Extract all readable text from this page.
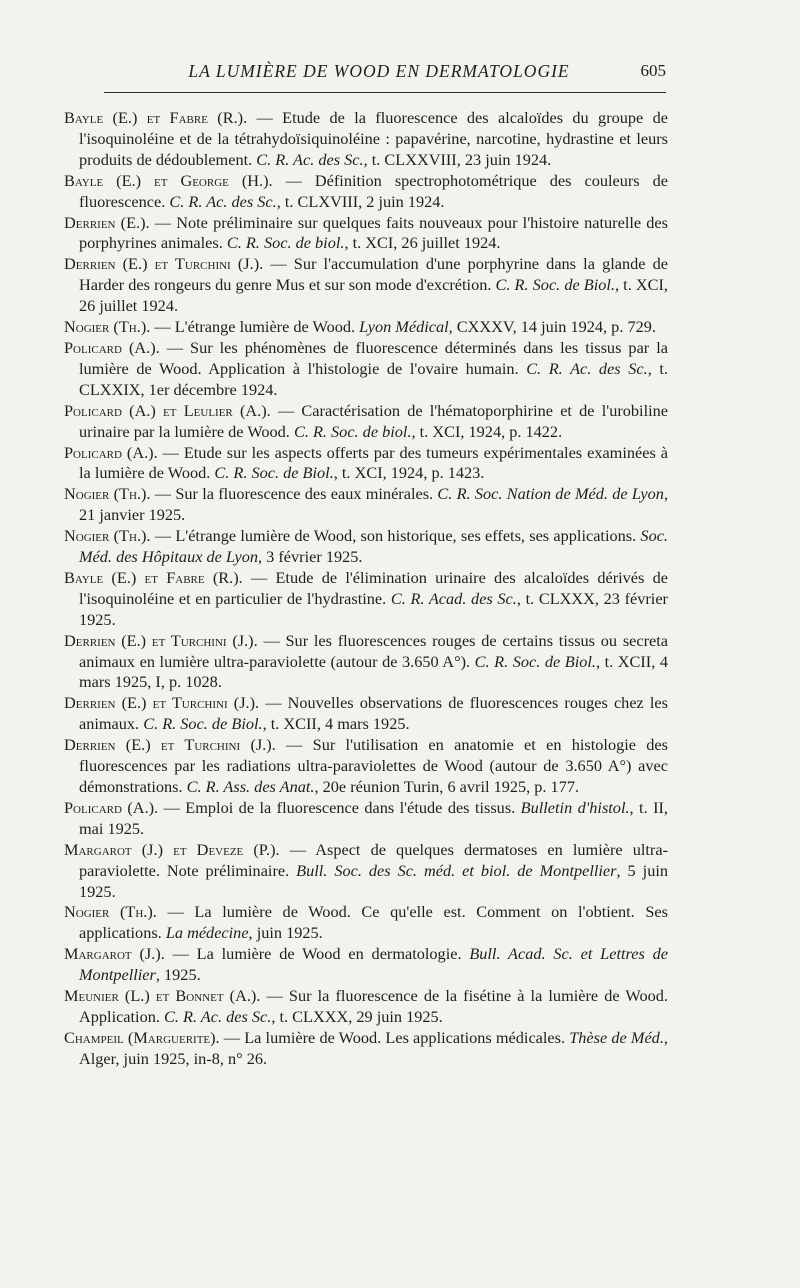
LA LUMIÈRE DE WOOD EN DERMATOLOGIE	605

Bayle (E.) et Fabre (R.). — Etude de la fluorescence des alcaloïdes du groupe de l'isoquinoléine et de la tétrahydoïsiquinoléine : papavérine, narcotine, hydrastine et leurs produits de dédoublement. C. R. Ac. des Sc., t. CLXXVIII, 23 juin 1924.

Bayle (E.) et George (H.). — Définition spectrophotométrique des couleurs de fluorescence. C. R. Ac. des Sc., t. CLXVIII, 2 juin 1924.

Derrien (E.). — Note préliminaire sur quelques faits nouveaux pour l'histoire naturelle des porphyrines animales. C. R. Soc. de biol., t. XCI, 26 juillet 1924.

Derrien (E.) et Turchini (J.). — Sur l'accumulation d'une porphyrine dans la glande de Harder des rongeurs du genre Mus et sur son mode d'excrétion. C. R. Soc. de Biol., t. XCI, 26 juillet 1924.

Nogier (Th.). — L'étrange lumière de Wood. Lyon Médical, CXXXV, 14 juin 1924, p. 729.

Policard (A.). — Sur les phénomènes de fluorescence déterminés dans les tissus par la lumière de Wood. Application à l'histologie de l'ovaire humain. C. R. Ac. des Sc., t. CLXXIX, 1er décembre 1924.

Policard (A.) et Leulier (A.). — Caractérisation de l'hématoporphirine et de l'urobiline urinaire par la lumière de Wood. C. R. Soc. de biol., t. XCI, 1924, p. 1422.

Policard (A.). — Etude sur les aspects offerts par des tumeurs expérimentales examinées à la lumière de Wood. C. R. Soc. de Biol., t. XCI, 1924, p. 1423.

Nogier (Th.). — Sur la fluorescence des eaux minérales. C. R. Soc. Nation de Méd. de Lyon, 21 janvier 1925.

Nogier (Th.). — L'étrange lumière de Wood, son historique, ses effets, ses applications. Soc. Méd. des Hôpitaux de Lyon, 3 février 1925.

Bayle (E.) et Fabre (R.). — Etude de l'élimination urinaire des alcaloïdes dérivés de l'isoquinoléine et en particulier de l'hydrastine. C. R. Acad. des Sc., t. CLXXX, 23 février 1925.

Derrien (E.) et Turchini (J.). — Sur les fluorescences rouges de certains tissus ou secreta animaux en lumière ultra-paraviolette (autour de 3.650 A°). C. R. Soc. de Biol., t. XCII, 4 mars 1925, I, p. 1028.

Derrien (E.) et Turchini (J.). — Nouvelles observations de fluorescences rouges chez les animaux. C. R. Soc. de Biol., t. XCII, 4 mars 1925.

Derrien (E.) et Turchini (J.). — Sur l'utilisation en anatomie et en histologie des fluorescences par les radiations ultra-paraviolettes de Wood (autour de 3.650 A°) avec démonstrations. C. R. Ass. des Anat., 20e réunion Turin, 6 avril 1925, p. 177.

Policard (A.). — Emploi de la fluorescence dans l'étude des tissus. Bulletin d'histol., t. II, mai 1925.

Margarot (J.) et Deveze (P.). — Aspect de quelques dermatoses en lumière ultra-paraviolette. Note préliminaire. Bull. Soc. des Sc. méd. et biol. de Montpellier, 5 juin 1925.

Nogier (Th.). — La lumière de Wood. Ce qu'elle est. Comment on l'obtient. Ses applications. La médecine, juin 1925.

Margarot (J.). — La lumière de Wood en dermatologie. Bull. Acad. Sc. et Lettres de Montpellier, 1925.

Meunier (L.) et Bonnet (A.). — Sur la fluorescence de la fisétine à la lumière de Wood. Application. C. R. Ac. des Sc., t. CLXXX, 29 juin 1925.

Champeil (Marguerite). — La lumière de Wood. Les applications médicales. Thèse de Méd., Alger, juin 1925, in-8, n° 26.
